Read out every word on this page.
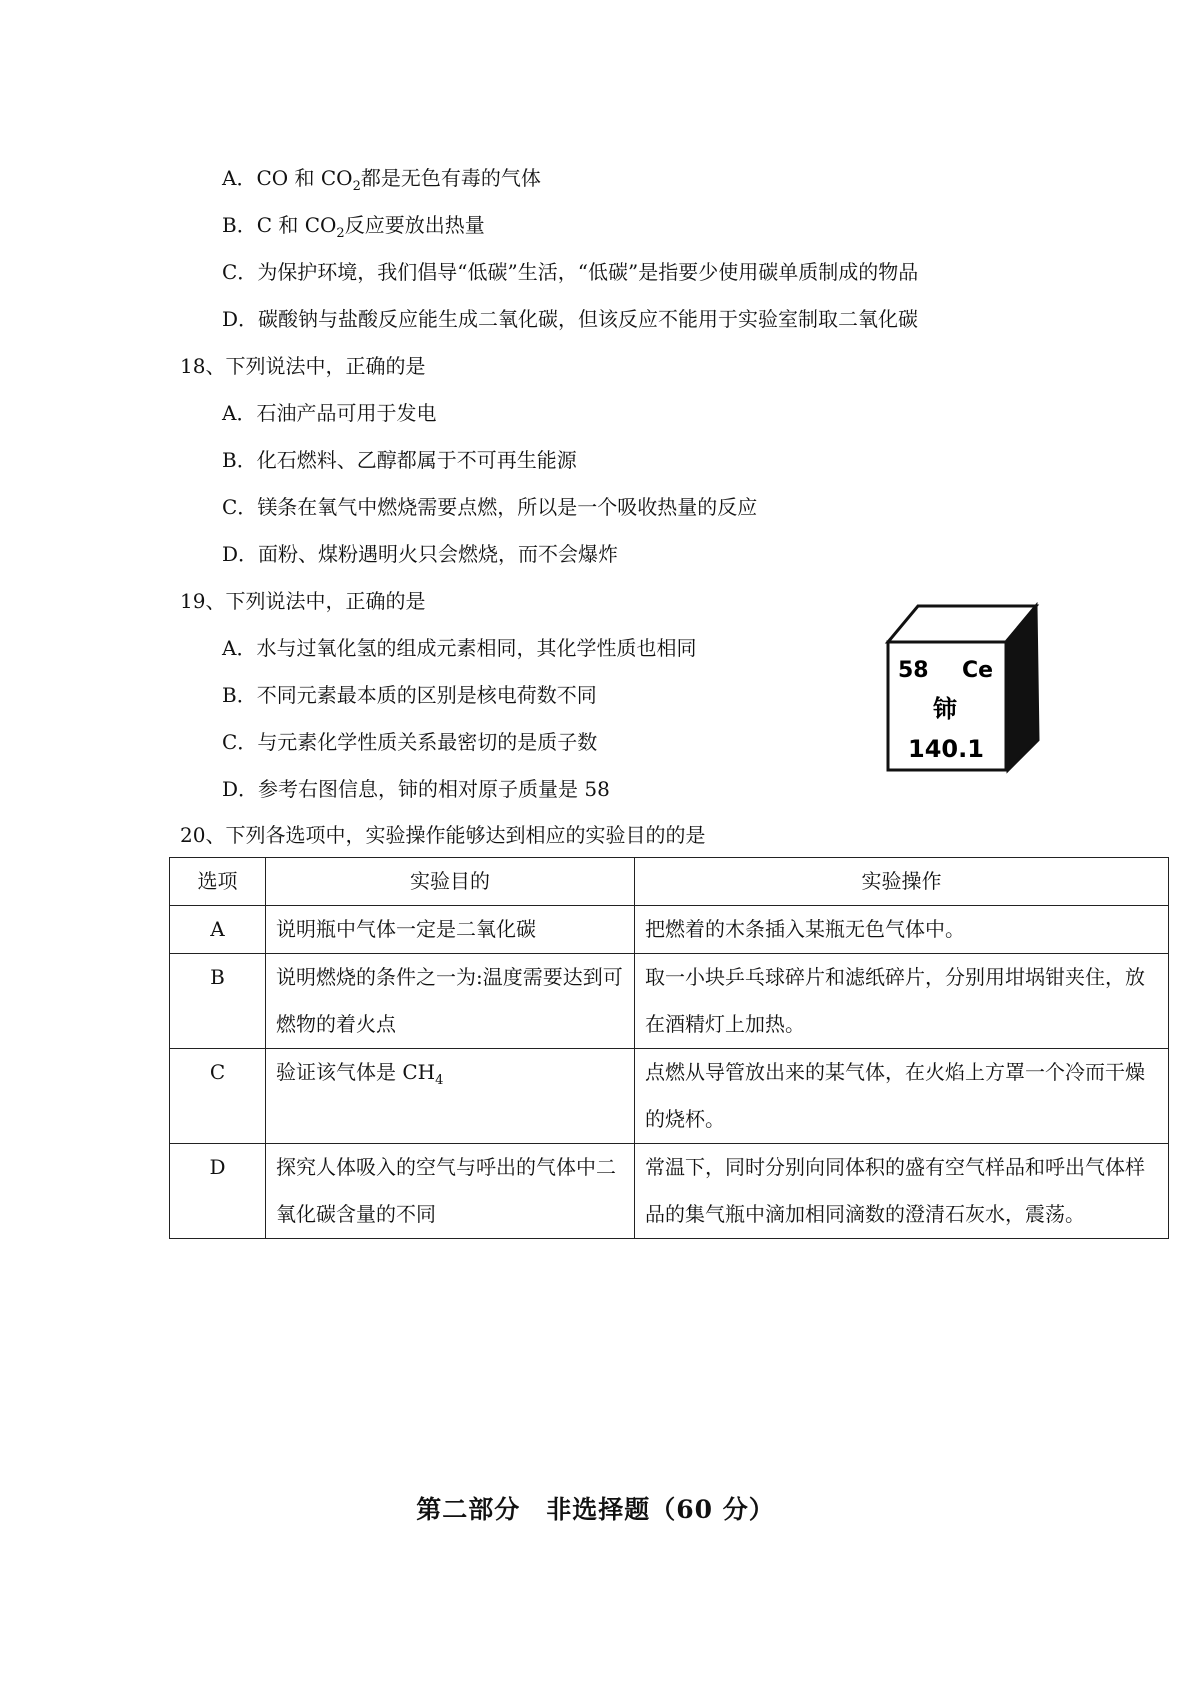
A．CO 和 $CO_2$都是无色有毒的气体
B．C 和 $CO_2$反应要放出热量
C．为保护环境，我们倡导“低碳”生活，“低碳”是指要少使用碳单质制成的物品
D．碳酸钠与盐酸反应能生成二氧化碳，但该反应不能用于实验室制取二氧化碳
18、下列说法中，正确的是
A．石油产品可用于发电
B．化石燃料、乙醇都属于不可再生能源
C．镁条在氧气中燃烧需要点燃，所以是一个吸收热量的反应
D．面粉、煤粉遇明火只会燃烧，而不会爆炸
19、下列说法中，正确的是
A．水与过氧化氢的组成元素相同，其化学性质也相同
B．不同元素最本质的区别是核电荷数不同
C．与元素化学性质关系最密切的是质子数
D．参考右图信息，铈的相对原子质量是 58
58 Ce
铈
140.1
20、下列各选项中，实验操作能够达到相应的实验目的的是
选项	实验目的	实验操作
A	说明瓶中气体一定是二氧化碳	把燃着的木条插入某瓶无色气体中。
B	说明燃烧的条件之一为:温度需要达到可燃物的着火点	取一小块乒乓球碎片和滤纸碎片，分别用坩埚钳夹住，放在酒精灯上加热。
C	验证该气体是 $CH_4$	点燃从导管放出来的某气体，在火焰上方罩一个冷而干燥的烧杯。
D	探究人体吸入的空气与呼出的气体中二氧化碳含量的不同	常温下，同时分别向同体积的盛有空气样品和呼出气体样品的集气瓶中滴加相同滴数的澄清石灰水，震荡。
第二部分　非选择题（60 分）
